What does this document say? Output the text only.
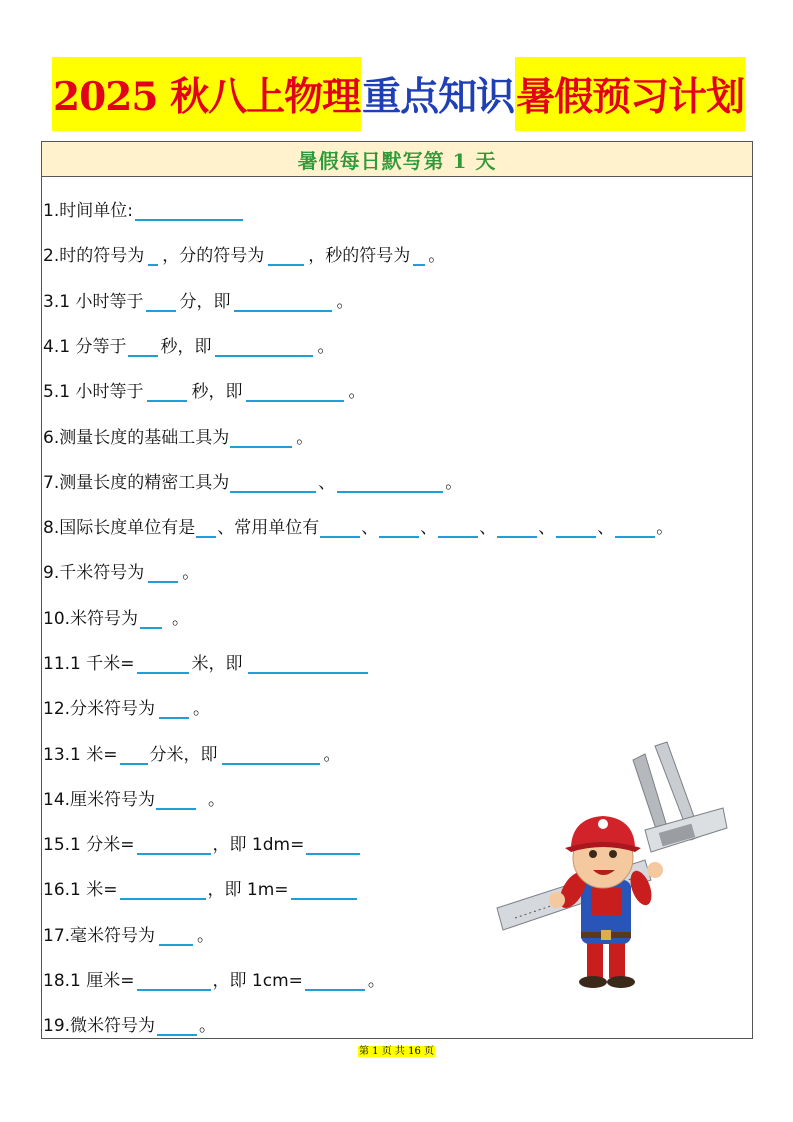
2025 秋八上物理 重点知识 暑假预习计划
暑假每日默写第 1 天
1.时间单位:
2.时的符号为 ，分的符号为	，秒的符号为 。
3.1 小时等于 分，即	。
4.1 分等于 秒，即	。
5.1 小时等于	秒，即	。
6.测量长度的基础工具为	。
7.测量长度的精密工具为	、	。
8.国际长度单位有是 、常用单位有 、 、 、 、 、 。
9.千米符号为 。
10.米符号为 。
11.1 千米=	米，即
12.分米符号为 。
13.1 米= 分米，即	。
14.厘米符号为	。
15.1 分米=	，即 1dm=
16.1 米=	，即 1m=
17.毫米符号为 。
18.1 厘米=	，即 1cm=	。
19.微米符号为	。
第 1 页 共 16 页
